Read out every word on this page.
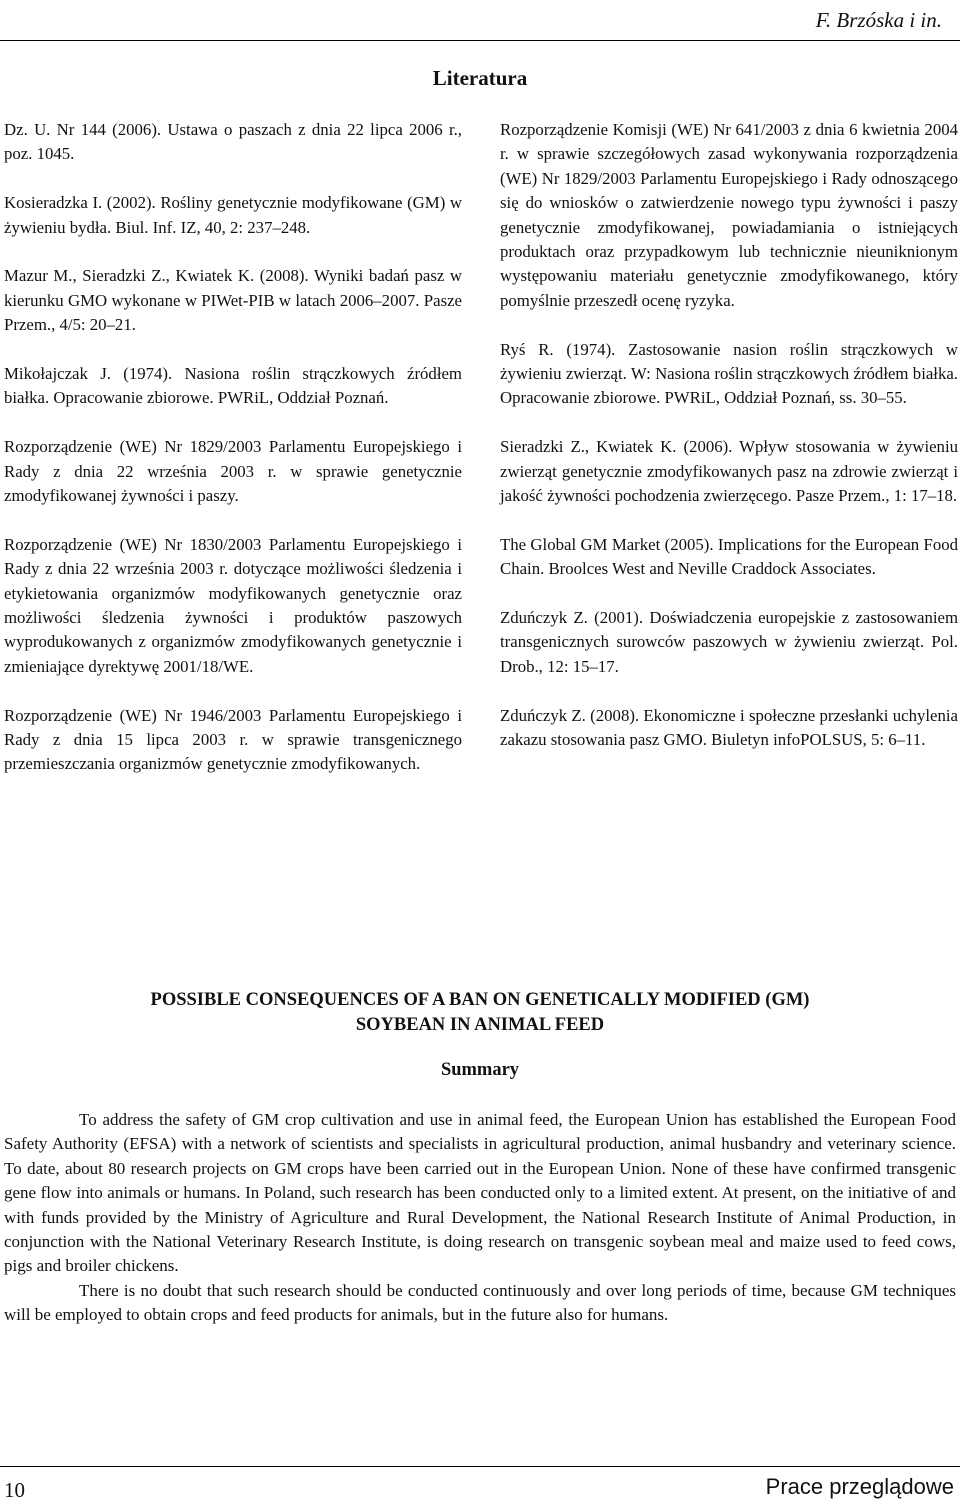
F. Brzóska i in.
Literatura

Dz. U. Nr 144 (2006). Ustawa o paszach z dnia 22 lipca 2006 r., poz. 1045.

Kosieradzka I. (2002). Rośliny genetycznie modyfikowane (GM) w żywieniu bydła. Biul. Inf. IZ, 40, 2: 237–248.

Mazur M., Sieradzki Z., Kwiatek K. (2008). Wyniki badań pasz w kierunku GMO wykonane w PIWet-PIB w latach 2006–2007. Pasze Przem., 4/5: 20–21.

Mikołajczak J. (1974). Nasiona roślin strączkowych źródłem białka. Opracowanie zbiorowe. PWRiL, Oddział Poznań.

Rozporządzenie (WE) Nr 1829/2003 Parlamentu Europejskiego i Rady z dnia 22 września 2003 r. w sprawie genetycznie zmodyfikowanej żywności i paszy.

Rozporządzenie (WE) Nr 1830/2003 Parlamentu Europejskiego i Rady z dnia 22 września 2003 r. dotyczące możliwości śledzenia i etykietowania organizmów modyfikowanych genetycznie oraz możliwości śledzenia żywności i produktów paszowych wyprodukowanych z organizmów zmodyfikowanych genetycznie i zmieniające dyrektywę 2001/18/WE.

Rozporządzenie (WE) Nr 1946/2003 Parlamentu Europejskiego i Rady z dnia 15 lipca 2003 r. w sprawie transgenicznego przemieszczania organizmów genetycznie zmodyfikowanych.

Rozporządzenie Komisji (WE) Nr 641/2003 z dnia 6 kwietnia 2004 r. w sprawie szczegółowych zasad wykonywania rozporządzenia (WE) Nr 1829/2003 Parlamentu Europejskiego i Rady odnoszącego się do wniosków o zatwierdzenie nowego typu żywności i paszy genetycznie zmodyfikowanej, powiadamiania o istniejących produktach oraz przypadkowym lub technicznie nieuniknionym występowaniu materiału genetycznie zmodyfikowanego, który pomyślnie przeszedł ocenę ryzyka.

Ryś R. (1974). Zastosowanie nasion roślin strączkowych w żywieniu zwierząt. W: Nasiona roślin strączkowych źródłem białka. Opracowanie zbiorowe. PWRiL, Oddział Poznań, ss. 30–55.

Sieradzki Z., Kwiatek K. (2006). Wpływ stosowania w żywieniu zwierząt genetycznie zmodyfikowanych pasz na zdrowie zwierząt i jakość żywności pochodzenia zwierzęcego. Pasze Przem., 1: 17–18.

The Global GM Market (2005). Implications for the European Food Chain. Broolces West and Neville Craddock Associates.

Zduńczyk Z. (2001). Doświadczenia europejskie z zastosowaniem transgenicznych surowców paszowych w żywieniu zwierząt. Pol. Drob., 12: 15–17.

Zduńczyk Z. (2008). Ekonomiczne i społeczne przesłanki uchylenia zakazu stosowania pasz GMO. Biuletyn infoPOLSUS, 5: 6–11.

POSSIBLE CONSEQUENCES OF A BAN ON GENETICALLY MODIFIED (GM)
SOYBEAN IN ANIMAL FEED
Summary

To address the safety of GM crop cultivation and use in animal feed, the European Union has established the European Food Safety Authority (EFSA) with a network of scientists and specialists in agricultural production, animal husbandry and veterinary science. To date, about 80 research projects on GM crops have been carried out in the European Union. None of these have confirmed transgenic gene flow into animals or humans. In Poland, such research has been conducted only to a limited extent. At present, on the initiative of and with funds provided by the Ministry of Agriculture and Rural Development, the National Research Institute of Animal Production, in conjunction with the National Veterinary Research Institute, is doing research on transgenic soybean meal and maize used to feed cows, pigs and broiler chickens.

There is no doubt that such research should be conducted continuously and over long periods of time, because GM techniques will be employed to obtain crops and feed products for animals, but in the future also for humans.

10	Prace przeglądowe
